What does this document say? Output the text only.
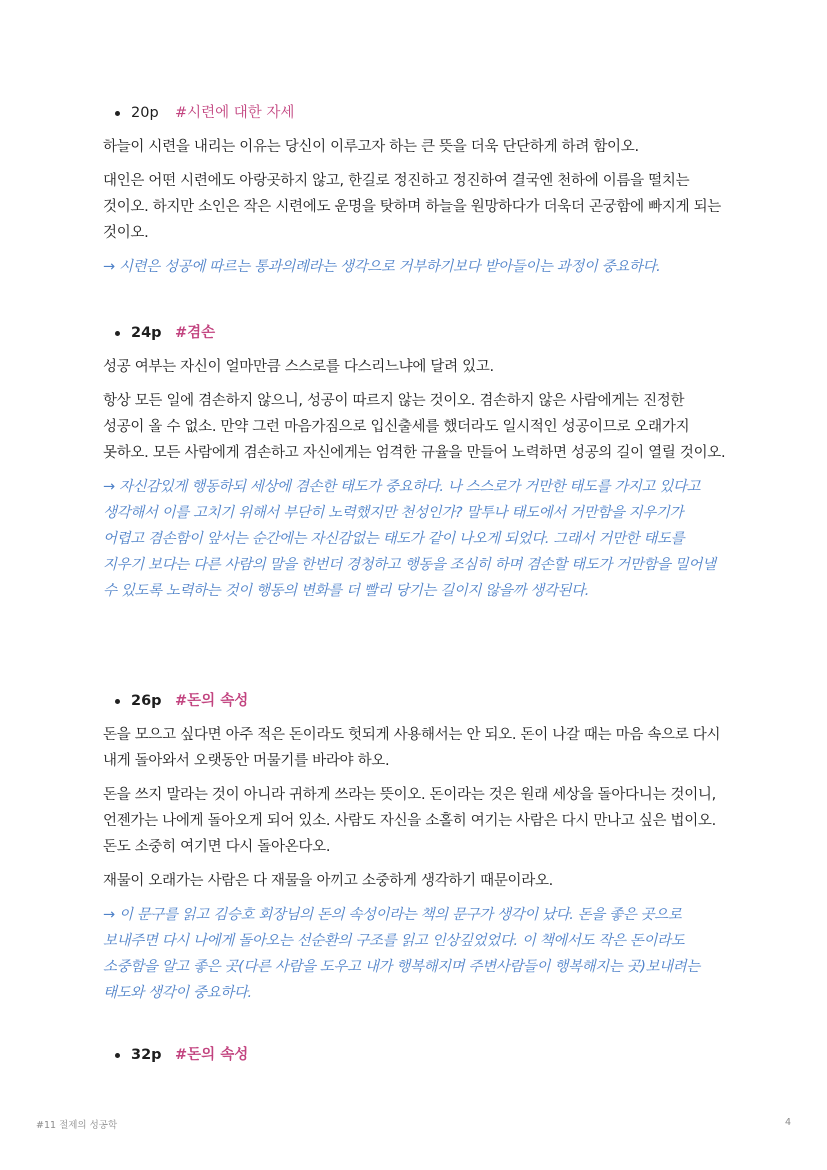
20p #시련에 대한 자세

하늘이 시련을 내리는 이유는 당신이 이루고자 하는 큰 뜻을 더욱 단단하게 하려 함이오.

대인은 어떤 시련에도 아랑곳하지 않고, 한길로 정진하고 정진하여 결국엔 천하에 이름을 떨치는 것이오. 하지만 소인은 작은 시련에도 운명을 탓하며 하늘을 원망하다가 더욱더 곤궁함에 빠지게 되는 것이오.

→ 시련은 성공에 따르는 통과의례라는 생각으로 거부하기보다 받아들이는 과정이 중요하다.

24p #겸손

성공 여부는 자신이 얼마만큼 스스로를 다스리느냐에 달려 있고.

항상 모든 일에 겸손하지 않으니, 성공이 따르지 않는 것이오. 겸손하지 않은 사람에게는 진정한 성공이 올 수 없소. 만약 그런 마음가짐으로 입신출세를 했더라도 일시적인 성공이므로 오래가지 못하오. 모든 사람에게 겸손하고 자신에게는 엄격한 규율을 만들어 노력하면 성공의 길이 열릴 것이오.

→ 자신감있게 행동하되 세상에 겸손한 태도가 중요하다. 나 스스로가 거만한 태도를 가지고 있다고 생각해서 이를 고치기 위해서 부단히 노력했지만 천성인가? 말투나 태도에서 거만함을 지우기가 어렵고 겸손함이 앞서는 순간에는 자신감없는 태도가 같이 나오게 되었다. 그래서 거만한 태도를 지우기 보다는 다른 사람의 말을 한번더 경청하고 행동을 조심히 하며 겸손할 태도가 거만함을 밀어낼 수 있도록 노력하는 것이 행동의 변화를 더 빨리 당기는 길이지 않을까 생각된다.

26p #돈의 속성

돈을 모으고 싶다면 아주 적은 돈이라도 헛되게 사용해서는 안 되오. 돈이 나갈 때는 마음 속으로 다시 내게 돌아와서 오랫동안 머물기를 바라야 하오.

돈을 쓰지 말라는 것이 아니라 귀하게 쓰라는 뜻이오. 돈이라는 것은 원래 세상을 돌아다니는 것이니, 언젠가는 나에게 돌아오게 되어 있소. 사람도 자신을 소홀히 여기는 사람은 다시 만나고 싶은 법이오. 돈도 소중히 여기면 다시 돌아온다오.

재물이 오래가는 사람은 다 재물을 아끼고 소중하게 생각하기 때문이라오.

→ 이 문구를 읽고 김승호 회장님의 돈의 속성이라는 책의 문구가 생각이 났다. 돈을 좋은 곳으로 보내주면 다시 나에게 돌아오는 선순환의 구조를 읽고 인상깊었었다. 이 책에서도 작은 돈이라도 소중함을 알고 좋은 곳(다른 사람을 도우고 내가 행복해지며 주변사람들이 행복해지는 곳)보내려는 태도와 생각이 중요하다.

32p #돈의 속성
#11 절제의 성공학	4
